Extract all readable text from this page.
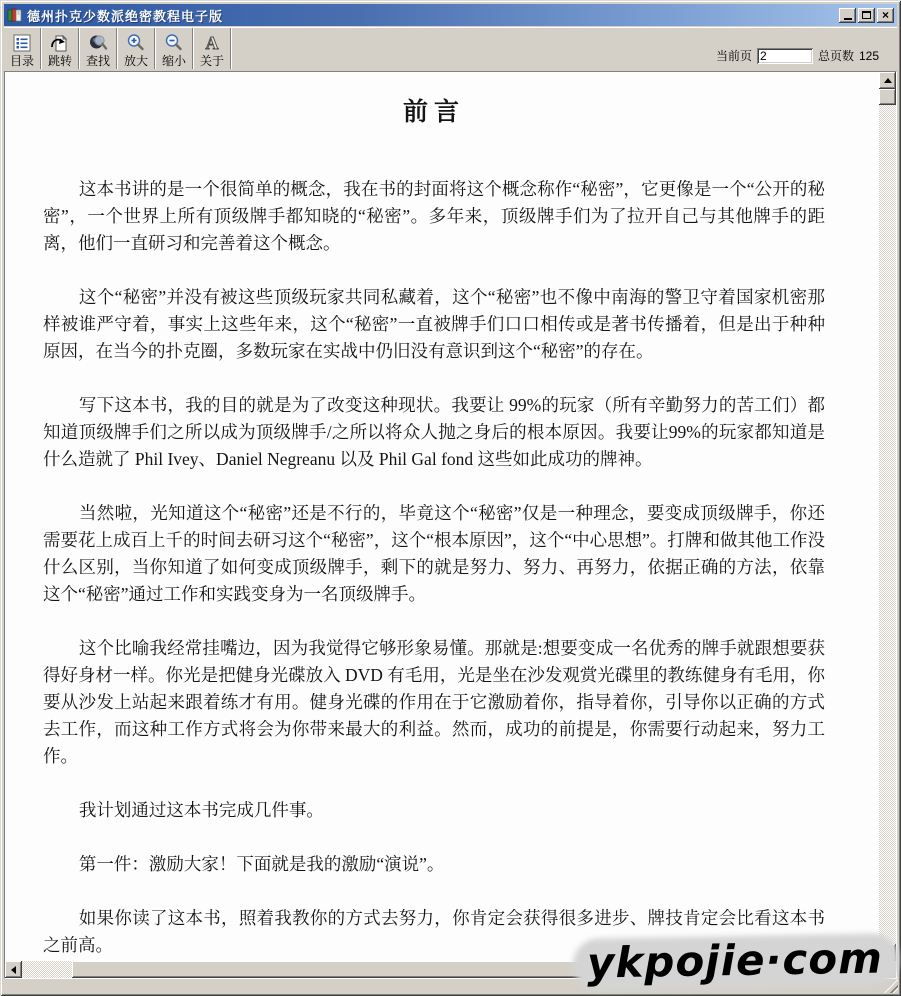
德州扑克少数派绝密教程电子版	×
目录 跳转 查找 放大 缩小
A
关于	当前页
2	总页数 125
前言

这本书讲的是一个很简单的概念，我在书的封面将这个概念称作“秘密”，它更像是一个“公开的秘密”，一个世界上所有顶级牌手都知晓的“秘密”。多年来，顶级牌手们为了拉开自己与其他牌手的距离，他们一直研习和完善着这个概念。

这个“秘密”并没有被这些顶级玩家共同私藏着，这个“秘密”也不像中南海的警卫守着国家机密那样被谁严守着，事实上这些年来，这个“秘密”一直被牌手们口口相传或是著书传播着，但是出于种种原因，在当今的扑克圈，多数玩家在实战中仍旧没有意识到这个“秘密”的存在。

写下这本书，我的目的就是为了改变这种现状。我要让 99%的玩家（所有辛勤努力的苦工们）都知道顶级牌手们之所以成为顶级牌手/之所以将众人抛之身后的根本原因。我要让99%的玩家都知道是什么造就了 Phil Ivey、Daniel Negreanu 以及 Phil Gal fond 这些如此成功的牌神。

当然啦，光知道这个“秘密”还是不行的，毕竟这个“秘密”仅是一种理念，要变成顶级牌手，你还需要花上成百上千的时间去研习这个“秘密”，这个“根本原因”，这个“中心思想”。打牌和做其他工作没什么区别，当你知道了如何变成顶级牌手，剩下的就是努力、努力、再努力，依据正确的方法，依靠这个“秘密”通过工作和实践变身为一名顶级牌手。

这个比喻我经常挂嘴边，因为我觉得它够形象易懂。那就是:想要变成一名优秀的牌手就跟想要获得好身材一样。你光是把健身光碟放入 DVD 有毛用，光是坐在沙发观赏光碟里的教练健身有毛用，你要从沙发上站起来跟着练才有用。健身光碟的作用在于它激励着你，指导着你，引导你以正确的方式去工作，而这种工作方式将会为你带来最大的利益。然而，成功的前提是，你需要行动起来，努力工作。

我计划通过这本书完成几件事。

第一件：激励大家！下面就是我的激励“演说”。

如果你读了这本书，照着我教你的方式去努力，你肯定会获得很多进步、牌技肯定会比看这本书之前高。	ykpojie·com
